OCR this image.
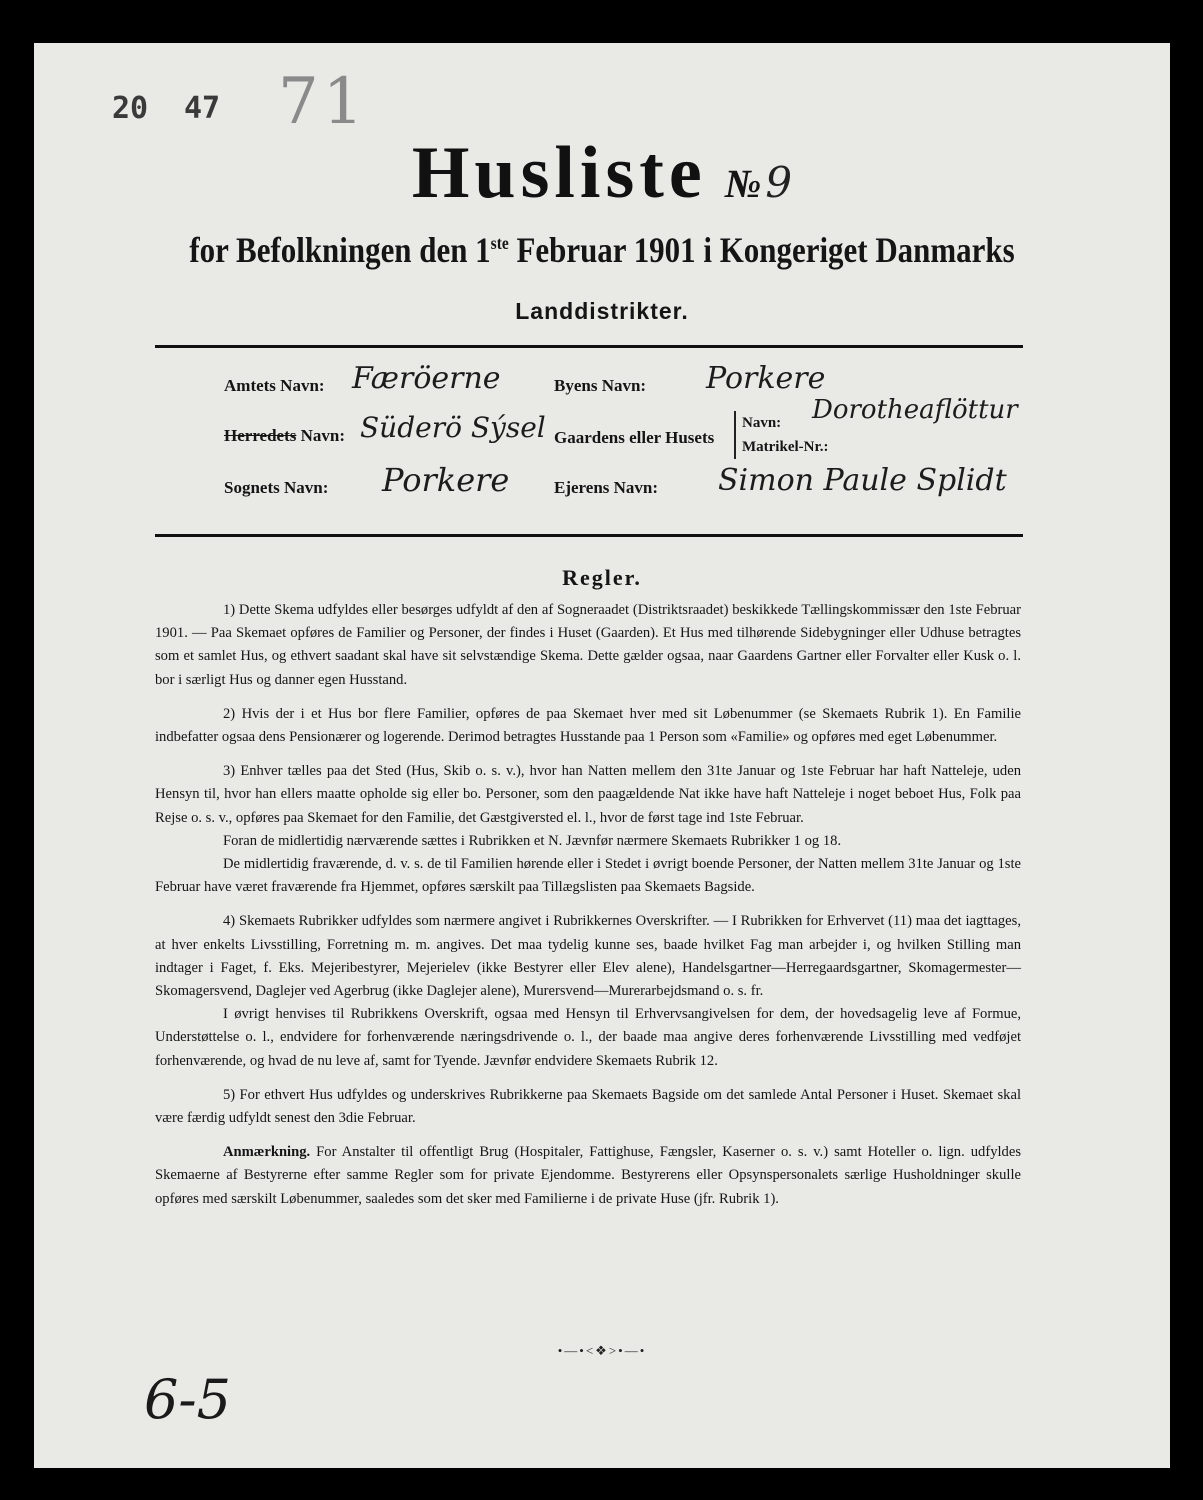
20 47 71
Husliste № 9
for Befolkningen den 1ste Februar 1901 i Kongeriget Danmarks
Landdistrikter.
Amtets Navn: Færöerne
Herredets Navn: Süderö Sýsel
Sognets Navn: Porkere
Byens Navn: Porkere
Gaardens eller Husets
Navn:
Matrikel-Nr.:
Dorotheaflöttur
Ejerens Navn: Simon Paule Splidt
Regler.

1) Dette Skema udfyldes eller besørges udfyldt af den af Sogneraadet (Distriktsraadet) beskikkede Tællingskommissær den 1ste Februar 1901. — Paa Skemaet opføres de Familier og Personer, der findes i Huset (Gaarden). Et Hus med tilhørende Sidebygninger eller Udhuse betragtes som et samlet Hus, og ethvert saadant skal have sit selvstændige Skema. Dette gælder ogsaa, naar Gaardens Gartner eller Forvalter eller Kusk o. l. bor i særligt Hus og danner egen Husstand.

2) Hvis der i et Hus bor flere Familier, opføres de paa Skemaet hver med sit Løbenummer (se Skemaets Rubrik 1). En Familie indbefatter ogsaa dens Pensionærer og logerende. Derimod betragtes Husstande paa 1 Person som «Familie» og opføres med eget Løbenummer.

3) Enhver tælles paa det Sted (Hus, Skib o. s. v.), hvor han Natten mellem den 31te Januar og 1ste Februar har haft Natteleje, uden Hensyn til, hvor han ellers maatte opholde sig eller bo. Personer, som den paagældende Nat ikke have haft Natteleje i noget beboet Hus, Folk paa Rejse o. s. v., opføres paa Skemaet for den Familie, det Gæstgiversted el. l., hvor de først tage ind 1ste Februar.

Foran de midlertidig nærværende sættes i Rubrikken et N. Jævnfør nærmere Skemaets Rubrikker 1 og 18.

De midlertidig fraværende, d. v. s. de til Familien hørende eller i Stedet i øvrigt boende Personer, der Natten mellem 31te Januar og 1ste Februar have været fraværende fra Hjemmet, opføres særskilt paa Tillægslisten paa Skemaets Bagside.

4) Skemaets Rubrikker udfyldes som nærmere angivet i Rubrikkernes Overskrifter. — I Rubrikken for Erhvervet (11) maa det iagttages, at hver enkelts Livsstilling, Forretning m. m. angives. Det maa tydelig kunne ses, baade hvilket Fag man arbejder i, og hvilken Stilling man indtager i Faget, f. Eks. Mejeribestyrer, Mejerielev (ikke Bestyrer eller Elev alene), Handelsgartner—Herregaardsgartner, Skomagermester—Skomagersvend, Daglejer ved Agerbrug (ikke Daglejer alene), Murersvend—Murerarbejdsmand o. s. fr.

I øvrigt henvises til Rubrikkens Overskrift, ogsaa med Hensyn til Erhvervsangivelsen for dem, der hovedsagelig leve af Formue, Understøttelse o. l., endvidere for forhenværende næringsdrivende o. l., der baade maa angive deres forhenværende Livsstilling med vedføjet forhenværende, og hvad de nu leve af, samt for Tyende. Jævnfør endvidere Skemaets Rubrik 12.

5) For ethvert Hus udfyldes og underskrives Rubrikkerne paa Skemaets Bagside om det samlede Antal Personer i Huset. Skemaet skal være færdig udfyldt senest den 3die Februar.

Anmærkning. For Anstalter til offentligt Brug (Hospitaler, Fattighuse, Fængsler, Kaserner o. s. v.) samt Hoteller o. lign. udfyldes Skemaerne af Bestyrerne efter samme Regler som for private Ejendomme. Bestyrerens eller Opsynspersonalets særlige Husholdninger skulle opføres med særskilt Løbenummer, saaledes som det sker med Familierne i de private Huse (jfr. Rubrik 1).

•—•<❖>•—•
6-5
